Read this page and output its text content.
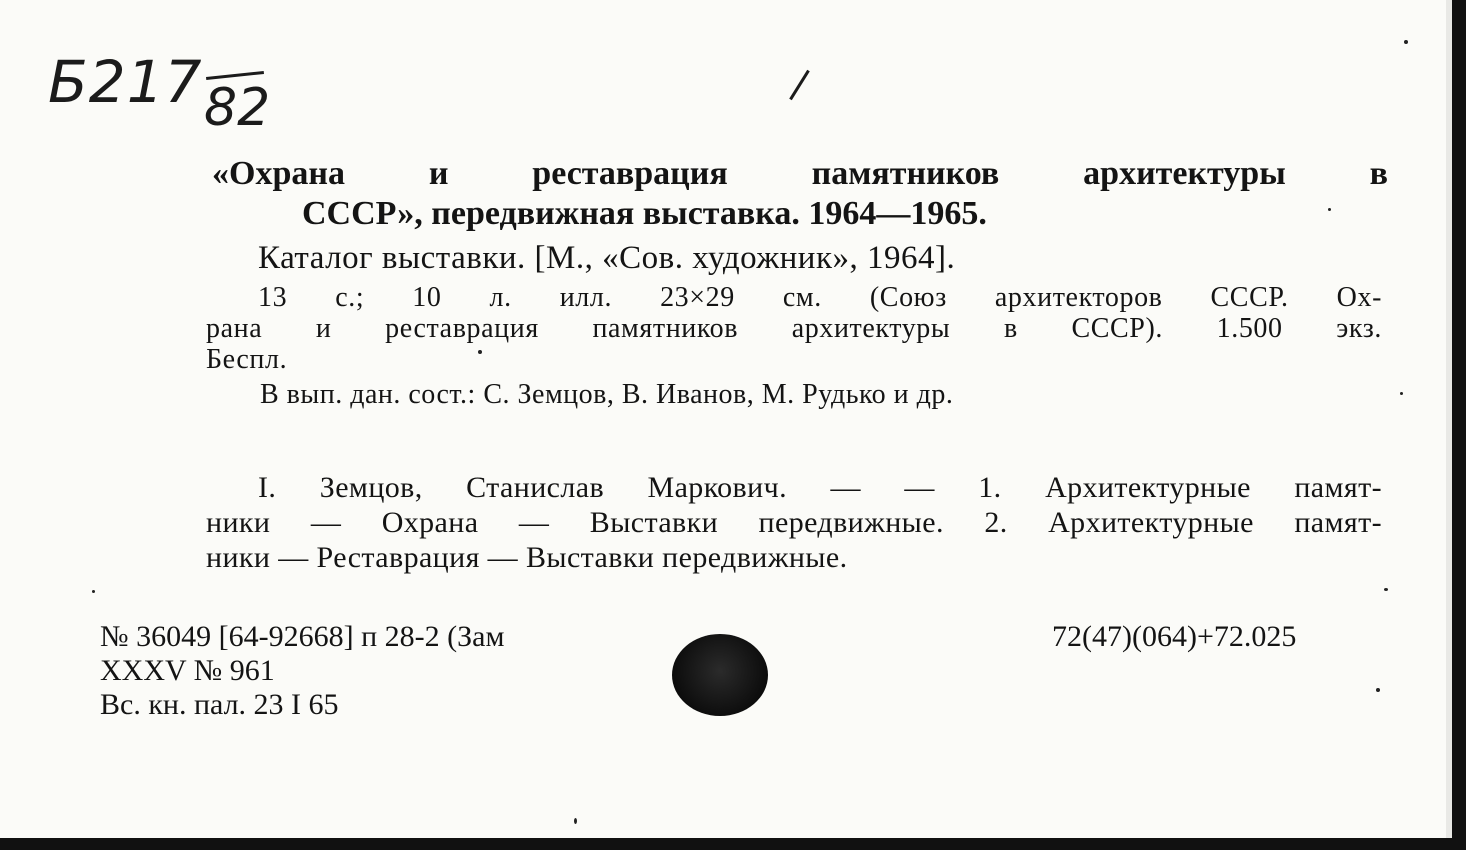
Б217 82
«Охрана и реставрация памятников архитектуры в
СССР», передвижная выставка. 1964—1965.
Каталог выставки. [М., «Сов. художник», 1964].
13 с.; 10 л. илл. 23×29 см. (Союз архитекторов СССР. Ох-
рана и реставрация памятников архитектуры в СССР). 1.500 экз.
Беспл.
В вып. дан. сост.: С. Земцов, В. Иванов, М. Рудько и др.
I. Земцов, Станислав Маркович. — — 1. Архитектурные памят-
ники — Охрана — Выставки передвижные. 2. Архитектурные памят-
ники — Реставрация — Выставки передвижные.
№ 36049 [64-92668] п 28-2 (Зам
XXXV № 961
Вс. кн. пал. 23 I 65
72(47)(064)+72.025
